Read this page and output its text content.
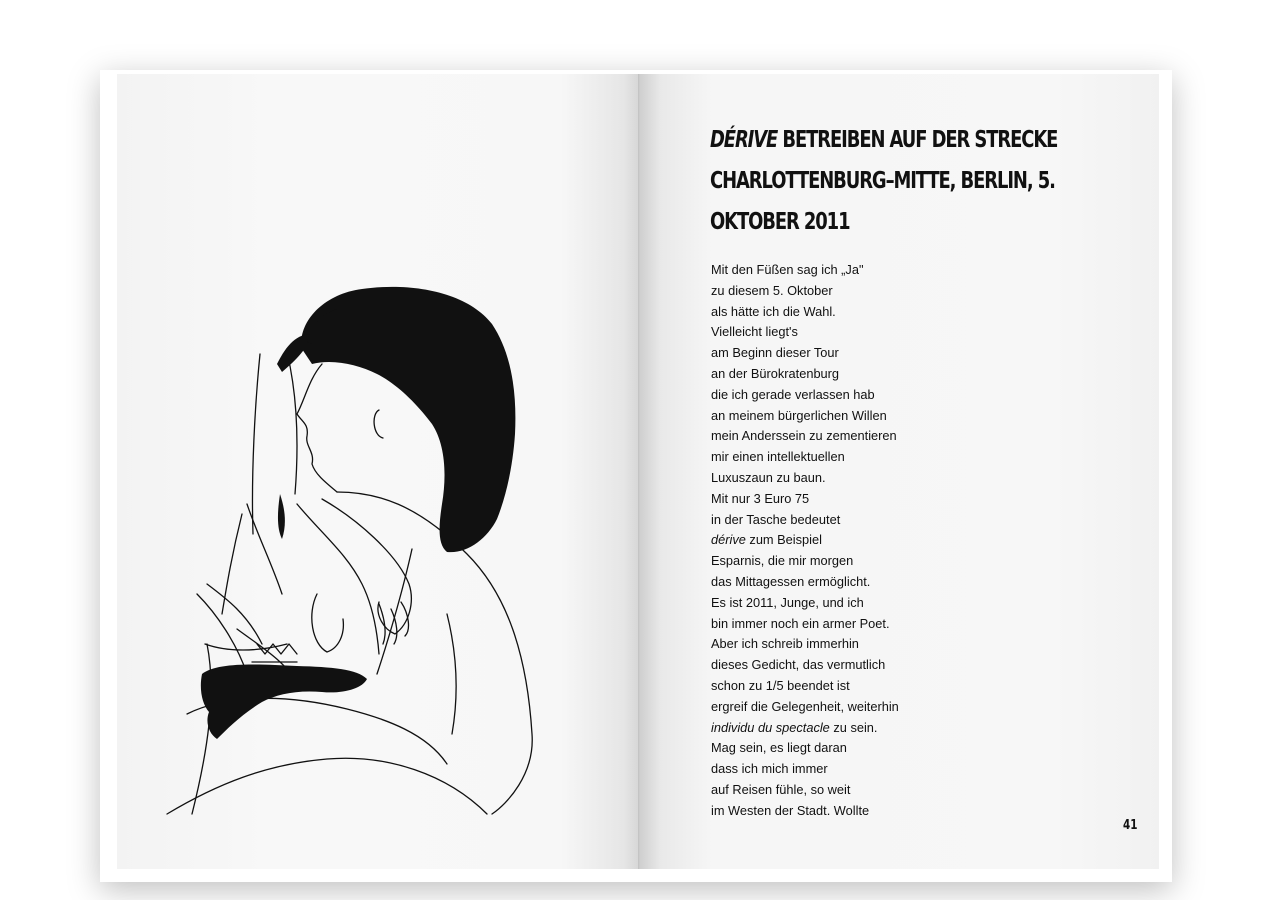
DÉRIVE BETREIBEN AUF DER STRECKE
CHARLOTTENBURG–MITTE, BERLIN, 5.
OKTOBER 2011
Mit den Füßen sag ich „Ja"
zu diesem 5. Oktober
als hätte ich die Wahl.
Vielleicht liegt's
am Beginn dieser Tour
an der Bürokratenburg
die ich gerade verlassen hab
an meinem bürgerlichen Willen
mein Anderssein zu zementieren
mir einen intellektuellen
Luxuszaun zu baun.
Mit nur 3 Euro 75
in der Tasche bedeutet
dérive zum Beispiel
Esparnis, die mir morgen
das Mittagessen ermöglicht.
Es ist 2011, Junge, und ich
bin immer noch ein armer Poet.
Aber ich schreib immerhin
dieses Gedicht, das vermutlich
schon zu 1/5 beendet ist
ergreif die Gelegenheit, weiterhin
individu du spectacle zu sein.
Mag sein, es liegt daran
dass ich mich immer
auf Reisen fühle, so weit
im Westen der Stadt. Wollte
41
